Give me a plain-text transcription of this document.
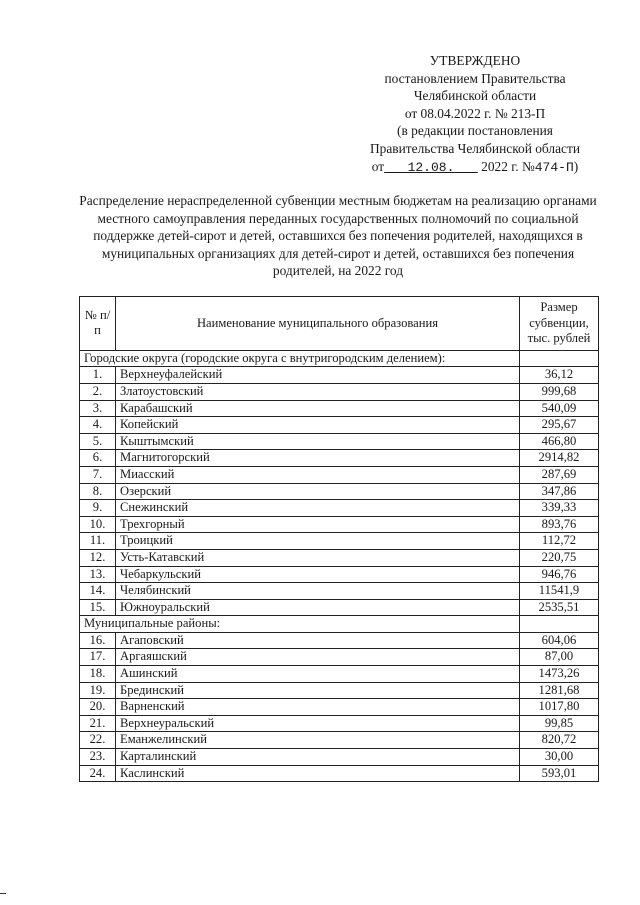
УТВЕРЖДЕНО
постановлением Правительства
Челябинской области
от 08.04.2022 г. № 213-П
(в редакции постановления
Правительства Челябинской области
от 12.08. 2022 г. №474-П)
Распределение нераспределенной субвенции местным бюджетам на реализацию органами местного самоуправления переданных государственных полномочий по социальной поддержке детей-сирот и детей, оставшихся без попечения родителей, находящихся в муниципальных организациях для детей-сирот и детей, оставшихся без попечения родителей, на 2022 год
№ п/п	Наименование муниципального образования	Размер субвенции, тыс. рублей
Городские округа (городские округа с внутригородским делением):		
1.	Верхнеуфалейский	36,12
2.	Златоустовский	999,68
3.	Карабашский	540,09
4.	Копейский	295,67
5.	Кыштымский	466,80
6.	Магнитогорский	2914,82
7.	Миасский	287,69
8.	Озерский	347,86
9.	Снежинский	339,33
10.	Трехгорный	893,76
11.	Троицкий	112,72
12.	Усть-Катавский	220,75
13.	Чебаркульский	946,76
14.	Челябинский	11541,9
15.	Южноуральский	2535,51
Муниципальные районы:		
16.	Агаповский	604,06
17.	Аргаяшский	87,00
18.	Ашинский	1473,26
19.	Брединский	1281,68
20.	Варненский	1017,80
21.	Верхнеуральский	99,85
22.	Еманжелинский	820,72
23.	Карталинский	30,00
24.	Каслинский	593,01
